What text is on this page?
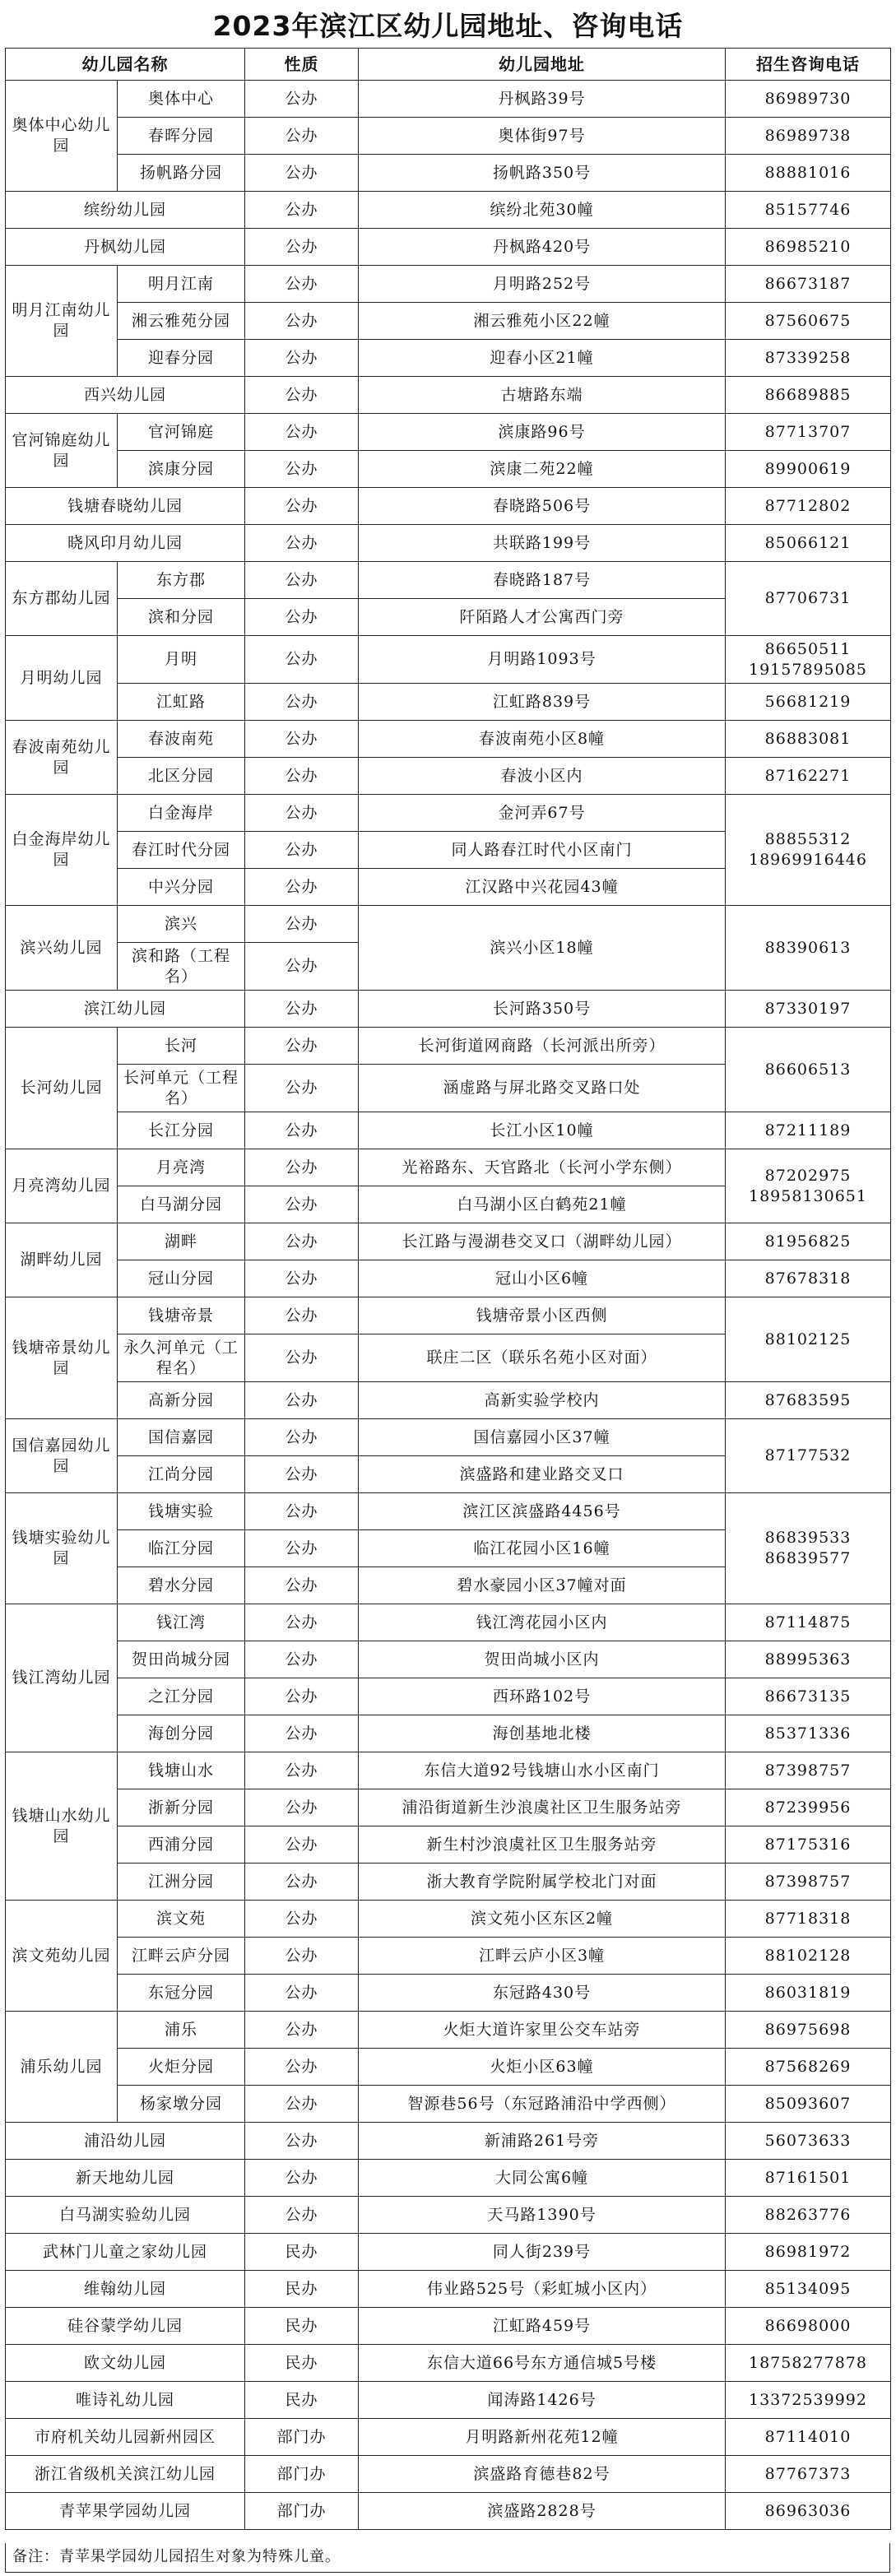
2023年滨江区幼儿园地址、咨询电话
幼儿园名称		性质	幼儿园地址	招生咨询电话
奥体中心幼儿园	奥体中心	公办	丹枫路39号	86989730
	春晖分园	公办	奥体街97号	86989738
	扬帆路分园	公办	扬帆路350号	88881016
缤纷幼儿园		公办	缤纷北苑30幢	85157746
丹枫幼儿园		公办	丹枫路420号	86985210
明月江南幼儿园	明月江南	公办	月明路252号	86673187
	湘云雅苑分园	公办	湘云雅苑小区22幢	87560675
	迎春分园	公办	迎春小区21幢	87339258
西兴幼儿园		公办	古塘路东端	86689885
官河锦庭幼儿园	官河锦庭	公办	滨康路96号	87713707
	滨康分园	公办	滨康二苑22幢	89900619
钱塘春晓幼儿园		公办	春晓路506号	87712802
晓风印月幼儿园		公办	共联路199号	85066121
东方郡幼儿园	东方郡	公办	春晓路187号	87706731
	滨和分园	公办	阡陌路人才公寓西门旁	
月明幼儿园	月明	公办	月明路1093号	86650511 19157895085
	江虹路	公办	江虹路839号	56681219
春波南苑幼儿园	春波南苑	公办	春波南苑小区8幢	86883081
	北区分园	公办	春波小区内	87162271
白金海岸幼儿园	白金海岸	公办	金河弄67号	88855312 18969916446
	春江时代分园	公办	同人路春江时代小区南门	
	中兴分园	公办	江汉路中兴花园43幢	
滨兴幼儿园	滨兴	公办	滨兴小区18幢	88390613
	滨和路（工程名）	公办		
滨江幼儿园		公办	长河路350号	87330197
长河幼儿园	长河	公办	长河街道网商路（长河派出所旁）	86606513
	长河单元（工程名）	公办	涵虚路与屏北路交叉路口处	
	长江分园	公办	长江小区10幢	87211189
月亮湾幼儿园	月亮湾	公办	光裕路东、天官路北（长河小学东侧）	87202975 18958130651
	白马湖分园	公办	白马湖小区白鹤苑21幢	
湖畔幼儿园	湖畔	公办	长江路与漫湖巷交叉口（湖畔幼儿园）	81956825
	冠山分园	公办	冠山小区6幢	87678318
钱塘帝景幼儿园	钱塘帝景	公办	钱塘帝景小区西侧	88102125
	永久河单元（工程名）	公办	联庄二区（联乐名苑小区对面）	
	高新分园	公办	高新实验学校内	87683595
国信嘉园幼儿园	国信嘉园	公办	国信嘉园小区37幢	87177532
	江尚分园	公办	滨盛路和建业路交叉口	
钱塘实验幼儿园	钱塘实验	公办	滨江区滨盛路4456号	86839533 86839577
	临江分园	公办	临江花园小区16幢	
	碧水分园	公办	碧水豪园小区37幢对面	
钱江湾幼儿园	钱江湾	公办	钱江湾花园小区内	87114875
	贺田尚城分园	公办	贺田尚城小区内	88995363
	之江分园	公办	西环路102号	86673135
	海创分园	公办	海创基地北楼	85371336
钱塘山水幼儿园	钱塘山水	公办	东信大道92号钱塘山水小区南门	87398757
	浙新分园	公办	浦沿街道新生沙浪虞社区卫生服务站旁	87239956
	西浦分园	公办	新生村沙浪虞社区卫生服务站旁	87175316
	江洲分园	公办	浙大教育学院附属学校北门对面	87398757
滨文苑幼儿园	滨文苑	公办	滨文苑小区东区2幢	87718318
	江畔云庐分园	公办	江畔云庐小区3幢	88102128
	东冠分园	公办	东冠路430号	86031819
浦乐幼儿园	浦乐	公办	火炬大道许家里公交车站旁	86975698
	火炬分园	公办	火炬小区63幢	87568269
	杨家墩分园	公办	智源巷56号（东冠路浦沿中学西侧）	85093607
浦沿幼儿园		公办	新浦路261号旁	56073633
新天地幼儿园		公办	大同公寓6幢	87161501
白马湖实验幼儿园		公办	天马路1390号	88263776
武林门儿童之家幼儿园		民办	同人街239号	86981972
维翰幼儿园		民办	伟业路525号（彩虹城小区内）	85134095
硅谷蒙学幼儿园		民办	江虹路459号	86698000
欧文幼儿园		民办	东信大道66号东方通信城5号楼	18758277878
唯诗礼幼儿园		民办	闻涛路1426号	13372539992
市府机关幼儿园新州园区		部门办	月明路新州花苑12幢	87114010
浙江省级机关滨江幼儿园		部门办	滨盛路育德巷82号	87767373
青苹果学园幼儿园		部门办	滨盛路2828号	86963036
备注：青苹果学园幼儿园招生对象为特殊儿童。
